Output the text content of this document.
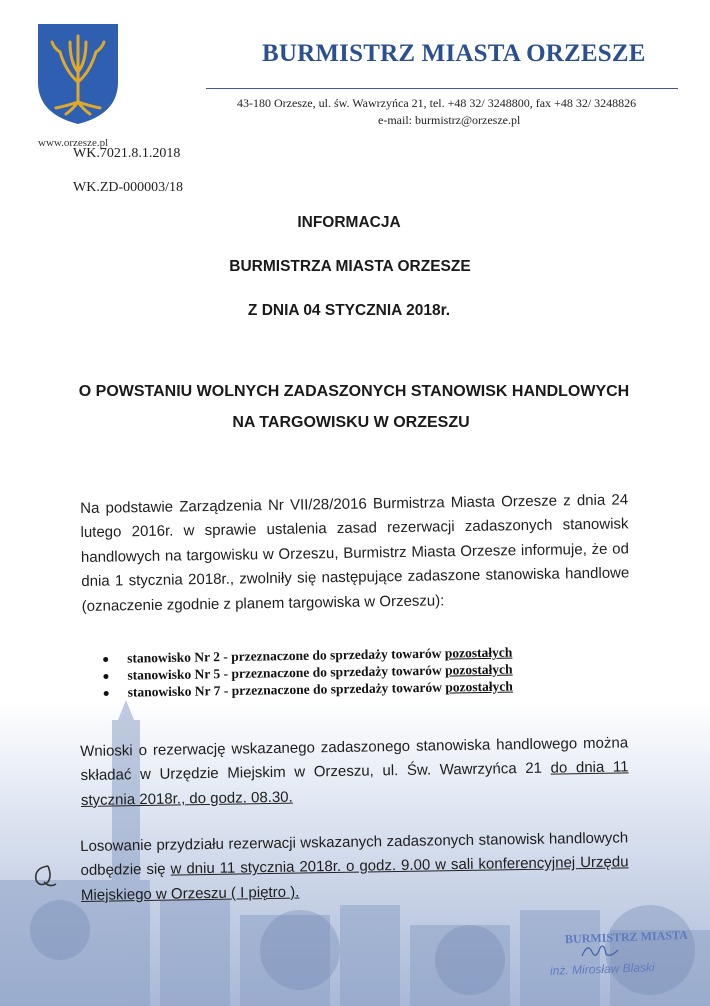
BURMISTRZ MIASTA ORZESZE
43-180 Orzesze, ul. św. Wawrzyńca 21, tel. +48 32/ 3248800, fax +48 32/ 3248826
e-mail: burmistrz@orzesze.pl
www.orzesze.pl
WK.7021.8.1.2018
WK.ZD-000003/18
INFORMACJA
BURMISTRZA MIASTA ORZESZE
Z DNIA 04 STYCZNIA 2018r.
O POWSTANIU WOLNYCH ZADASZONYCH STANOWISK HANDLOWYCH
NA TARGOWISKU W ORZESZU
Na podstawie Zarządzenia Nr VII/28/2016 Burmistrza Miasta Orzesze z dnia 24 lutego 2016r. w sprawie ustalenia zasad rezerwacji zadaszonych stanowisk handlowych na targowisku w Orzeszu, Burmistrz Miasta Orzesze informuje, że od dnia 1 stycznia 2018r., zwolniły się następujące zadaszone stanowiska handlowe (oznaczenie zgodnie z planem targowiska w Orzeszu):
stanowisko Nr 2 - przeznaczone do sprzedaży towarów pozostałych
stanowisko Nr 5 - przeznaczone do sprzedaży towarów pozostałych
stanowisko Nr 7 - przeznaczone do sprzedaży towarów pozostałych
Wnioski o rezerwację wskazanego zadaszonego stanowiska handlowego można składać w Urzędzie Miejskim w Orzeszu, ul. Św. Wawrzyńca 21 do dnia 11 stycznia 2018r., do godz. 08.30.
Losowanie przydziału rezerwacji wskazanych zadaszonych stanowisk handlowych odbędzie się w dniu 11 stycznia 2018r. o godz. 9.00 w sali konferencyjnej Urzędu Miejskiego w Orzeszu ( I piętro ).
BURMISTRZ MIASTA
inż. Mirosław Blaski
